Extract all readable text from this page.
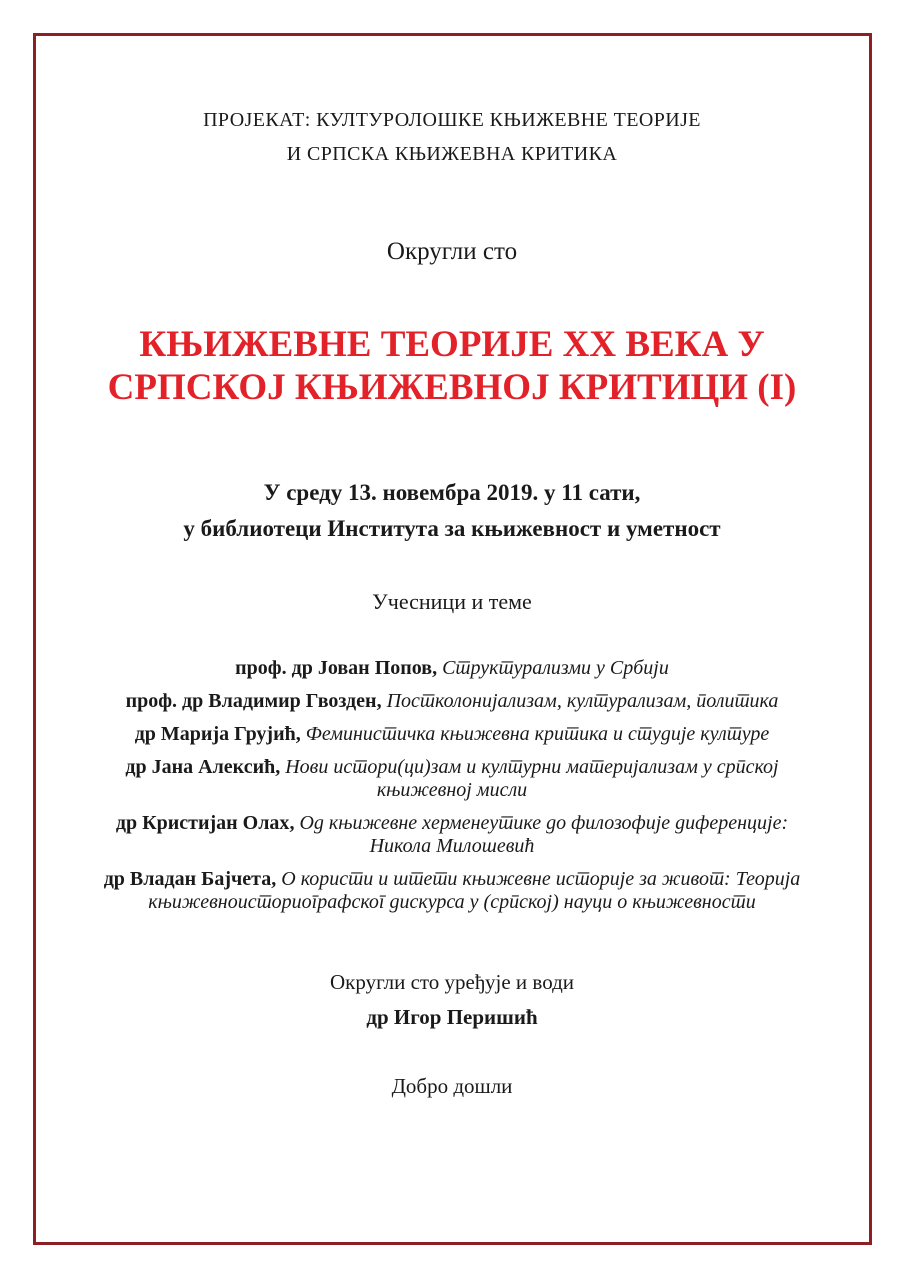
ПРОЈЕКАТ: КУЛТУРОЛОШКЕ КЊИЖЕВНЕ ТЕОРИЈЕ
И СРПСКА КЊИЖЕВНА КРИТИКА
Округли сто
КЊИЖЕВНЕ ТЕОРИЈЕ XX ВЕКА У
СРПСКОЈ КЊИЖЕВНОЈ КРИТИЦИ (I)
У среду 13. новембра 2019. у 11 сати,
у библиотеци Института за књижевност и уметност
Учесници и теме

проф. др Јован Попов, Структурализми у Србији

проф. др Владимир Гвозден, Постколонијализам, културализам, политика

др Марија Грујић, Феминистичка књижевна критика и студије културе

др Јана Алексић, Нови истори(ци)зам и културни материјализам у српској књижевној мисли

др Кристијан Олах, Од књижевне херменеутике до филозофије диференције: Никола Милошевић

др Владан Бајчета, О користи и штети књижевне историје за живот: Теорија књижевноисториографског дискурса у (српској) науци о књижевности

Округли сто уређује и води
др Игор Перишић
Добро дошли
